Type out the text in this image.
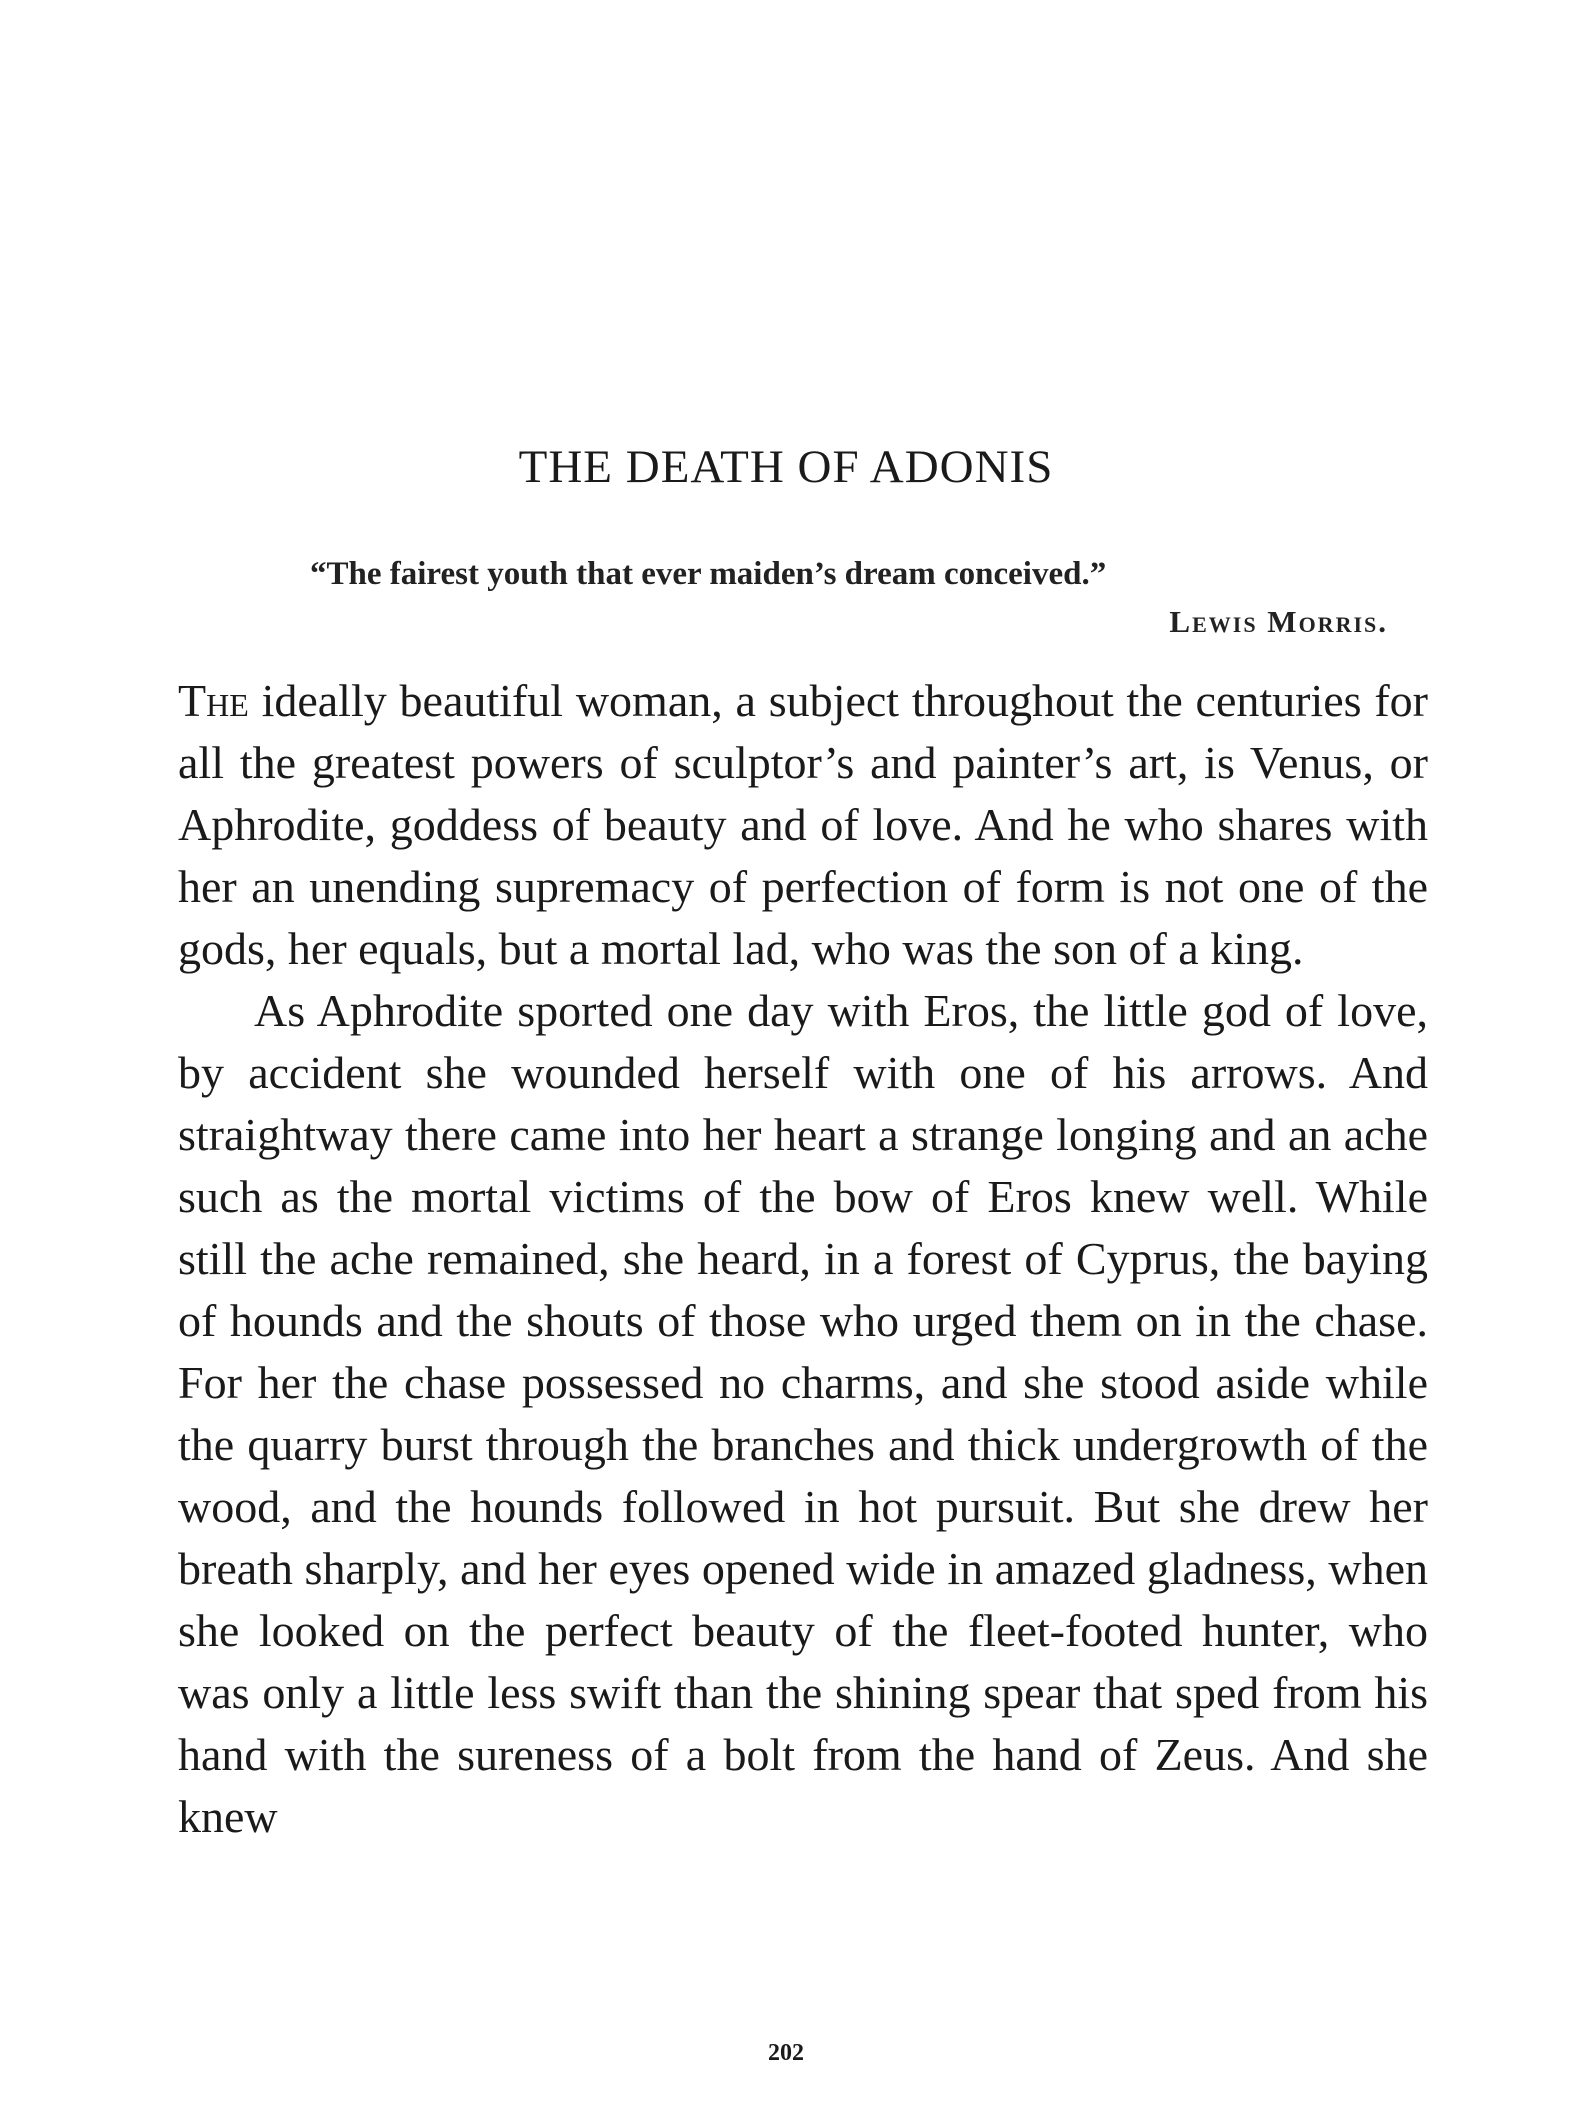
THE DEATH OF ADONIS
“The fairest youth that ever maiden’s dream conceived.”
Lewis Morris.

The ideally beautiful woman, a subject throughout the centuries for all the greatest powers of sculptor’s and painter’s art, is Venus, or Aphrodite, goddess of beauty and of love. And he who shares with her an unending supremacy of perfection of form is not one of the gods, her equals, but a mortal lad, who was the son of a king.

As Aphrodite sported one day with Eros, the little god of love, by accident she wounded herself with one of his arrows. And straightway there came into her heart a strange longing and an ache such as the mortal victims of the bow of Eros knew well. While still the ache remained, she heard, in a forest of Cyprus, the baying of hounds and the shouts of those who urged them on in the chase. For her the chase possessed no charms, and she stood aside while the quarry burst through the branches and thick undergrowth of the wood, and the hounds followed in hot pursuit. But she drew her breath sharply, and her eyes opened wide in amazed gladness, when she looked on the perfect beauty of the fleet-footed hunter, who was only a little less swift than the shining spear that sped from his hand with the sureness of a bolt from the hand of Zeus. And she knew

202
